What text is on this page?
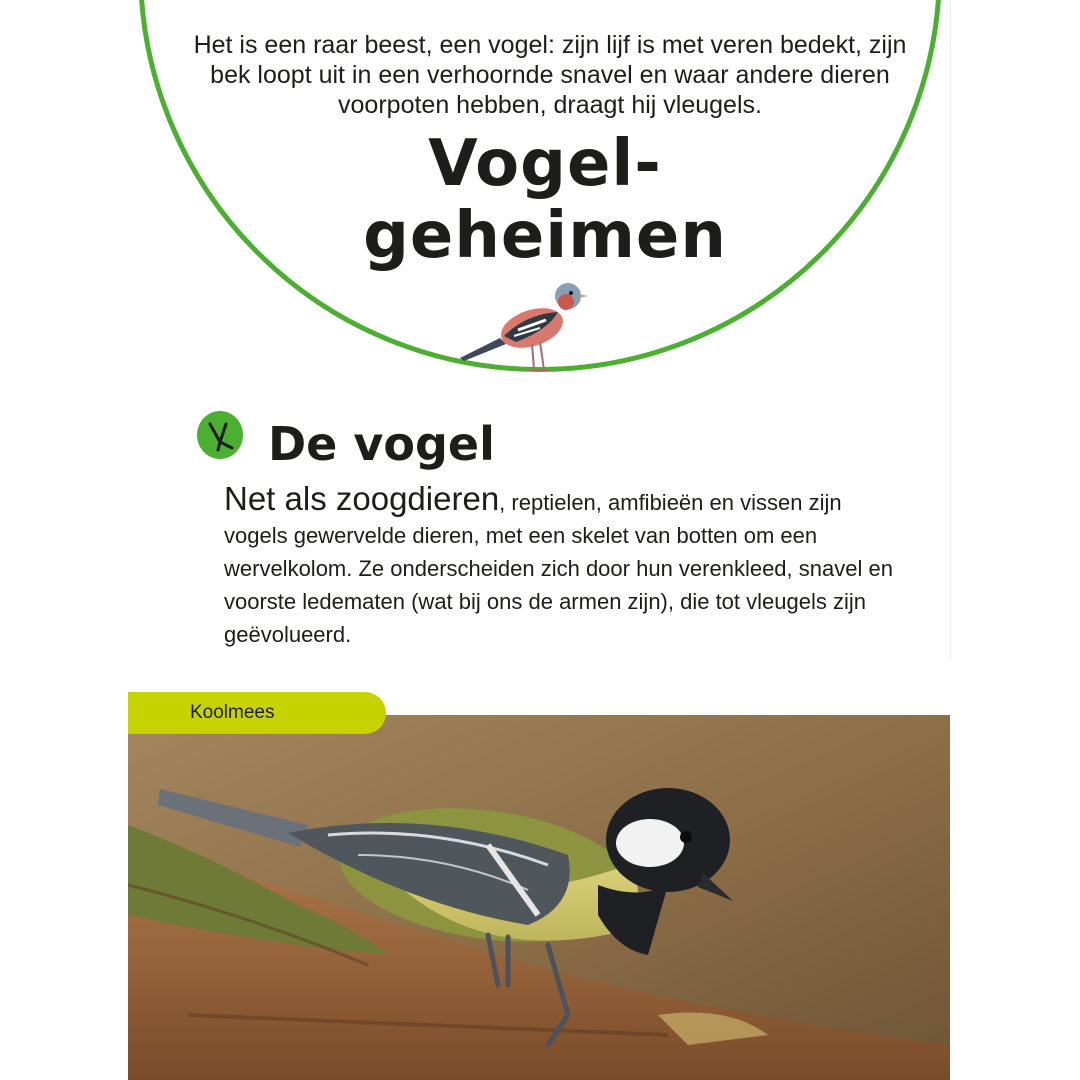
Het is een raar beest, een vogel: zijn lijf is met veren bedekt, zijn bek loopt uit in een verhoornde snavel en waar andere dieren voorpoten hebben, draagt hij vleugels.

Vogel-
geheimen
De vogel

Net als zoogdieren, reptielen, amfibieën en vissen zijn vogels gewervelde dieren, met een skelet van botten om een wervelkolom. Ze onderscheiden zich door hun verenkleed, snavel en voorste ledematen (wat bij ons de armen zijn), die tot vleugels zijn geëvolueerd.

Koolmees
